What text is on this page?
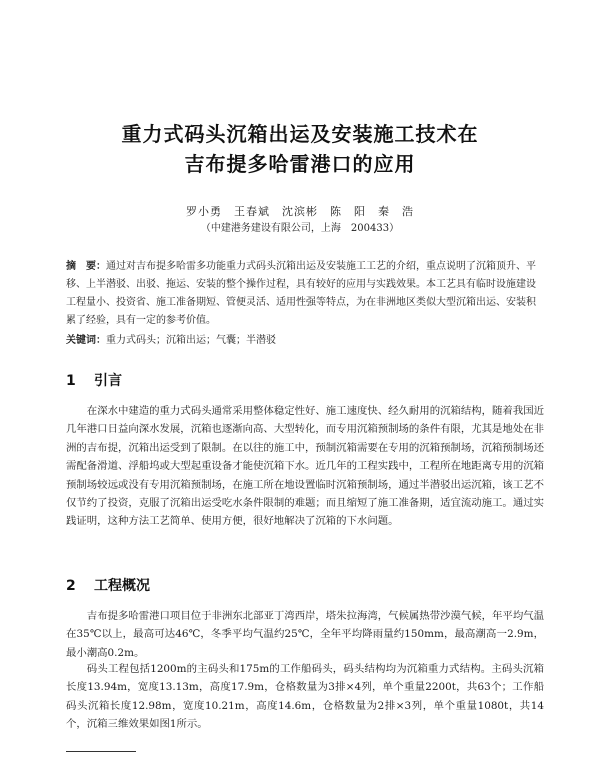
重力式码头沉箱出运及安装施工技术在
吉布提多哈雷港口的应用
罗小勇　王春斌　沈滨彬　陈　阳　秦　浩
（中建港务建设有限公司，上海　200433）
摘　要：通过对吉布提多哈雷多功能重力式码头沉箱出运及安装施工工艺的介绍，重点说明了沉箱顶升、平移、上半潜驳、出驳、拖运、安装的整个操作过程，具有较好的应用与实践效果。本工艺具有临时设施建设工程量小、投资省、施工准备期短、管便灵活、适用性强等特点，为在非洲地区类似大型沉箱出运、安装积累了经验，具有一定的参考价值。
关键词：重力式码头；沉箱出运；气囊；半潜驳
1 引言
在深水中建造的重力式码头通常采用整体稳定性好、施工速度快、经久耐用的沉箱结构，随着我国近几年港口日益向深水发展，沉箱也逐渐向高、大型转化，而专用沉箱预制场的条件有限，尤其是地处在非洲的吉布提，沉箱出运受到了限制。在以往的施工中，预制沉箱需要在专用的沉箱预制场，沉箱预制场还需配备滑道、浮船坞或大型起重设备才能使沉箱下水。近几年的工程实践中，工程所在地距离专用的沉箱预制场较远或没有专用沉箱预制场，在施工所在地设置临时沉箱预制场，通过半潜驳出运沉箱，该工艺不仅节约了投资，克服了沉箱出运受吃水条件限制的难题；而且缩短了施工准备期，适宜流动施工。通过实践证明，这种方法工艺简单、使用方便，很好地解决了沉箱的下水问题。
2 工程概况
吉布提多哈雷港口项目位于非洲东北部亚丁湾西岸，塔朱拉海湾，气候属热带沙漠气候，年平均气温在35℃以上，最高可达46℃，冬季平均气温约25℃，全年平均降雨量约150mm，最高潮高一2.9m，最小潮高0.2m。
码头工程包括1200m的主码头和175m的工作船码头，码头结构均为沉箱重力式结构。主码头沉箱长度13.94m，宽度13.13m，高度17.9m，仓格数量为3排×4列，单个重量2200t，共63个；工作船码头沉箱长度12.98m，宽度10.21m，高度14.6m，仓格数量为2排×3列，单个重量1080t，共14个，沉箱三维效果如图1所示。
